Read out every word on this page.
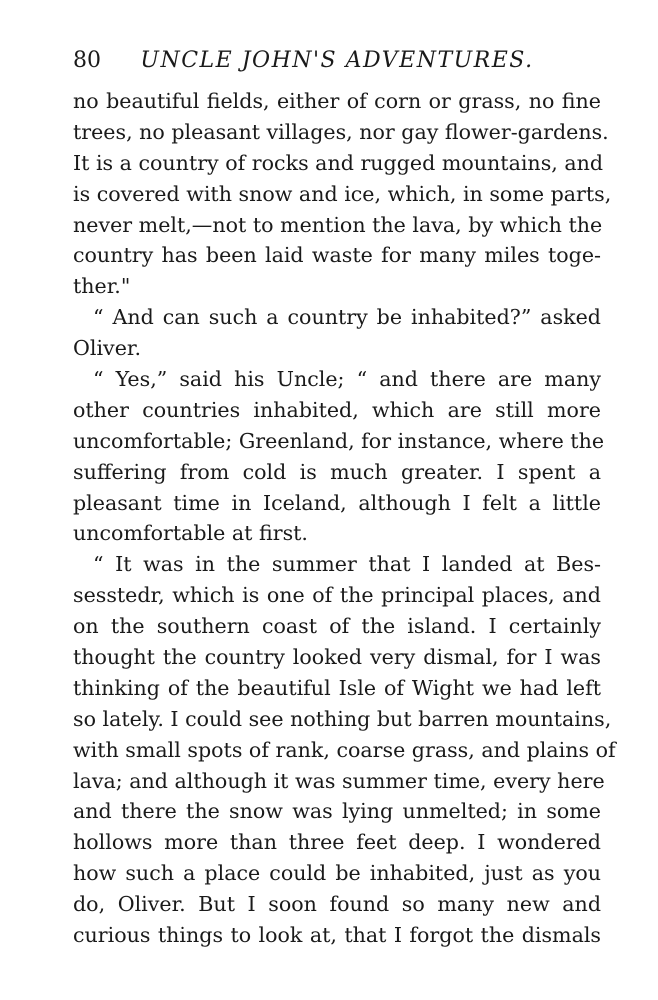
80	UNCLE JOHN'S ADVENTURES.
no beautiful fields, either of corn or grass, no fine
trees, no pleasant villages, nor gay flower-gardens.
It is a country of rocks and rugged mountains, and
is covered with snow and ice, which, in some parts,
never melt,—not to mention the lava, by which the
country has been laid waste for many miles toge-
ther."
“ And can such a country be inhabited?” asked
Oliver.
“ Yes,” said his Uncle; “ and there are many
other countries inhabited, which are still more
uncomfortable; Greenland, for instance, where the
suffering from cold is much greater. I spent a
pleasant time in Iceland, although I felt a little
uncomfortable at first.
“ It was in the summer that I landed at Bes-
sesstedr, which is one of the principal places, and
on the southern coast of the island. I certainly
thought the country looked very dismal, for I was
thinking of the beautiful Isle of Wight we had left
so lately. I could see nothing but barren mountains,
with small spots of rank, coarse grass, and plains of
lava; and although it was summer time, every here
and there the snow was lying unmelted; in some
hollows more than three feet deep. I wondered
how such a place could be inhabited, just as you
do, Oliver. But I soon found so many new and
curious things to look at, that I forgot the dismals
